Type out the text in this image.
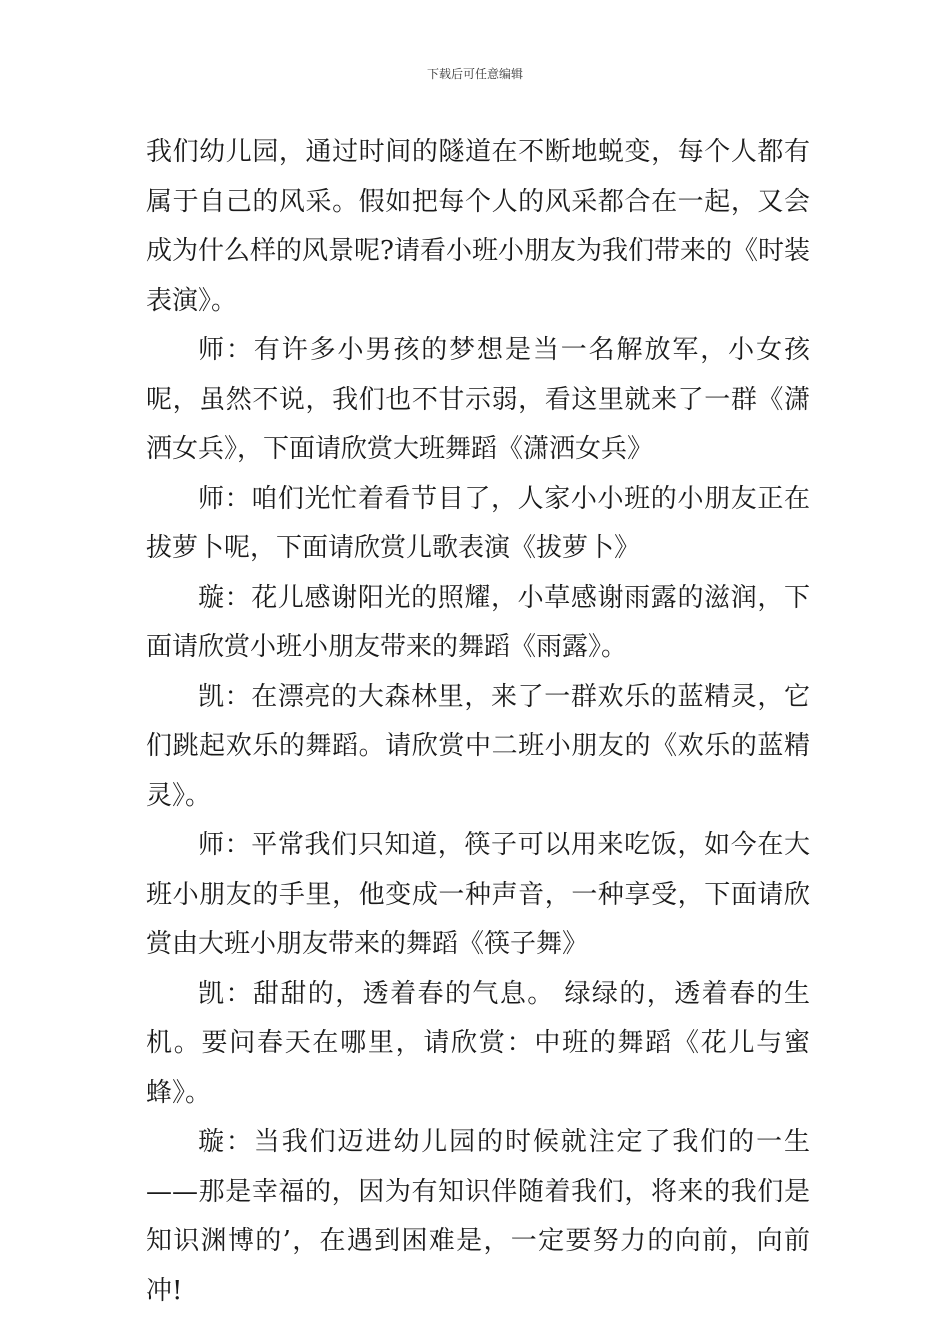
下载后可任意编辑

我们幼儿园，通过时间的隧道在不断地蜕变，每个人都有属于自己的风采。假如把每个人的风采都合在一起，又会成为什么样的风景呢?请看小班小朋友为我们带来的《时装表演》。

师：有许多小男孩的梦想是当一名解放军，小女孩呢，虽然不说，我们也不甘示弱，看这里就来了一群《潇洒女兵》，下面请欣赏大班舞蹈《潇洒女兵》

师：咱们光忙着看节目了，人家小小班的小朋友正在拔萝卜呢，下面请欣赏儿歌表演《拔萝卜》

璇：花儿感谢阳光的照耀，小草感谢雨露的滋润，下面请欣赏小班小朋友带来的舞蹈《雨露》。

凯：在漂亮的大森林里，来了一群欢乐的蓝精灵，它们跳起欢乐的舞蹈。请欣赏中二班小朋友的《欢乐的蓝精灵》。

师：平常我们只知道，筷子可以用来吃饭，如今在大班小朋友的手里，他变成一种声音，一种享受，下面请欣赏由大班小朋友带来的舞蹈《筷子舞》

凯：甜甜的，透着春的气息。 绿绿的，透着春的生机。要问春天在哪里，请欣赏：中班的舞蹈《花儿与蜜蜂》。

璇：当我们迈进幼儿园的时候就注定了我们的一生——那是幸福的，因为有知识伴随着我们，将来的我们是知识渊博的’，在遇到困难是，一定要努力的向前，向前冲!
